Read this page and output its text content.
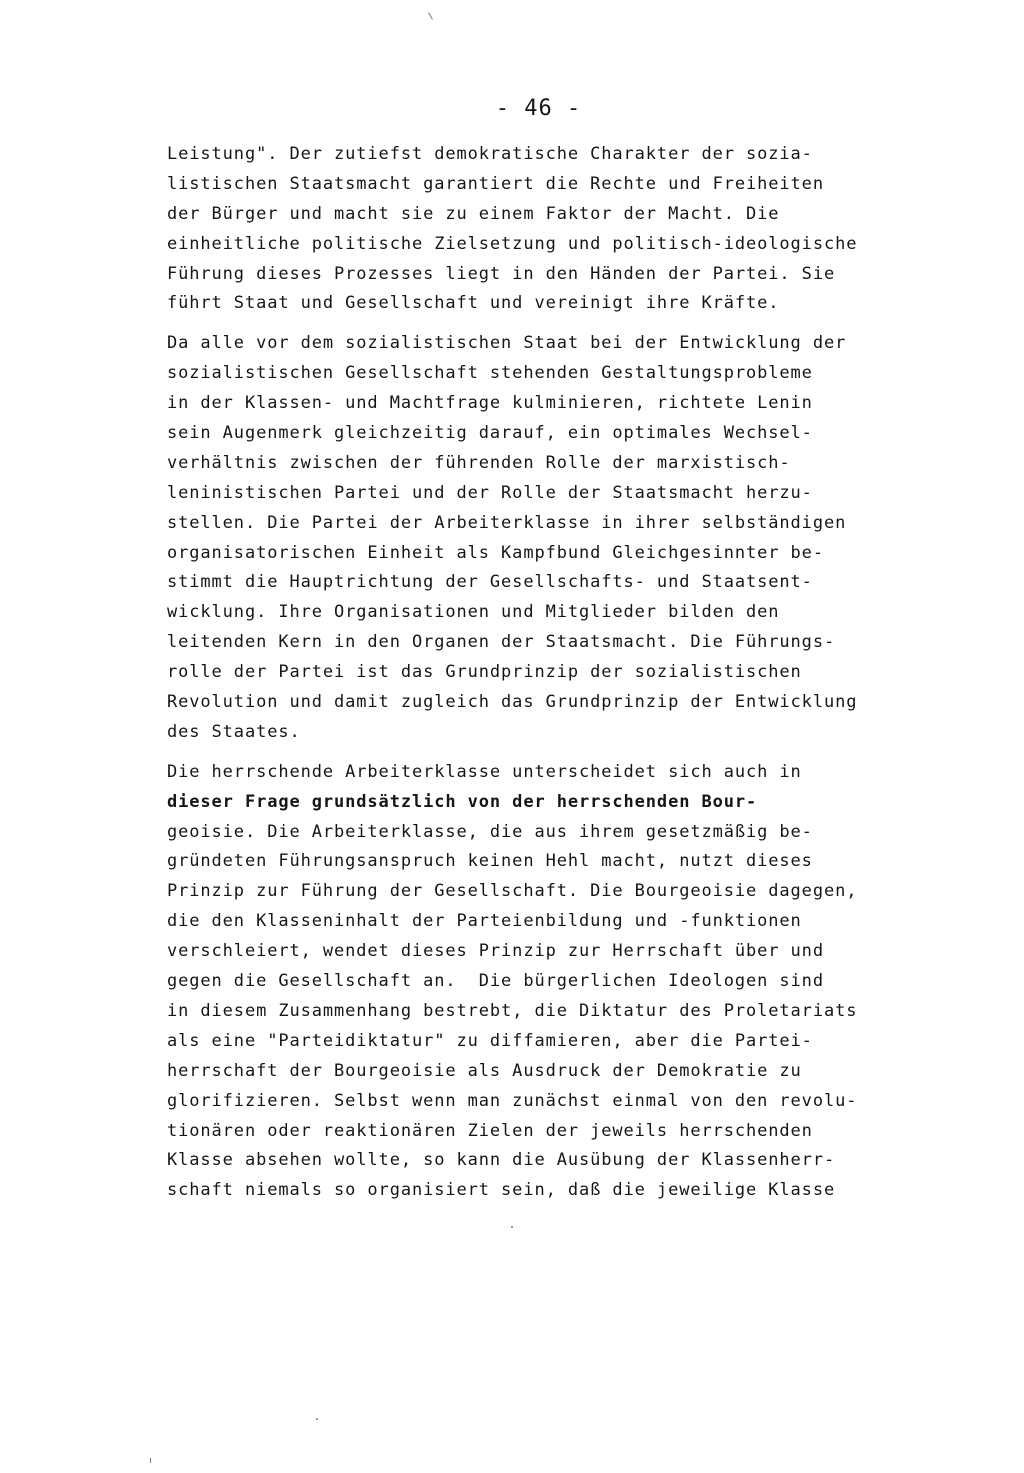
- 46 -

Leistung". Der zutiefst demokratische Charakter der sozia-
listischen Staatsmacht garantiert die Rechte und Freiheiten
der Bürger und macht sie zu einem Faktor der Macht. Die
einheitliche politische Zielsetzung und politisch-ideologische
Führung dieses Prozesses liegt in den Händen der Partei. Sie
führt Staat und Gesellschaft und vereinigt ihre Kräfte.

Da alle vor dem sozialistischen Staat bei der Entwicklung der
sozialistischen Gesellschaft stehenden Gestaltungsprobleme
in der Klassen- und Machtfrage kulminieren, richtete Lenin
sein Augenmerk gleichzeitig darauf, ein optimales Wechsel-
verhältnis zwischen der führenden Rolle der marxistisch-
leninistischen Partei und der Rolle der Staatsmacht herzu-
stellen. Die Partei der Arbeiterklasse in ihrer selbständigen
organisatorischen Einheit als Kampfbund Gleichgesinnter be-
stimmt die Hauptrichtung der Gesellschafts- und Staatsent-
wicklung. Ihre Organisationen und Mitglieder bilden den
leitenden Kern in den Organen der Staatsmacht. Die Führungs-
rolle der Partei ist das Grundprinzip der sozialistischen
Revolution und damit zugleich das Grundprinzip der Entwicklung
des Staates.

Die herrschende Arbeiterklasse unterscheidet sich auch in
dieser Frage grundsätzlich von der herrschenden Bour-
geoisie. Die Arbeiterklasse, die aus ihrem gesetzmäßig be-
gründeten Führungsanspruch keinen Hehl macht, nutzt dieses
Prinzip zur Führung der Gesellschaft. Die Bourgeoisie dagegen,
die den Klasseninhalt der Parteienbildung und -funktionen
verschleiert, wendet dieses Prinzip zur Herrschaft über und
gegen die Gesellschaft an.  Die bürgerlichen Ideologen sind
in diesem Zusammenhang bestrebt, die Diktatur des Proletariats
als eine "Parteidiktatur" zu diffamieren, aber die Partei-
herrschaft der Bourgeoisie als Ausdruck der Demokratie zu
glorifizieren. Selbst wenn man zunächst einmal von den revolu-
tionären oder reaktionären Zielen der jeweils herrschenden
Klasse absehen wollte, so kann die Ausübung der Klassenherr-
schaft niemals so organisiert sein, daß die jeweilige Klasse
